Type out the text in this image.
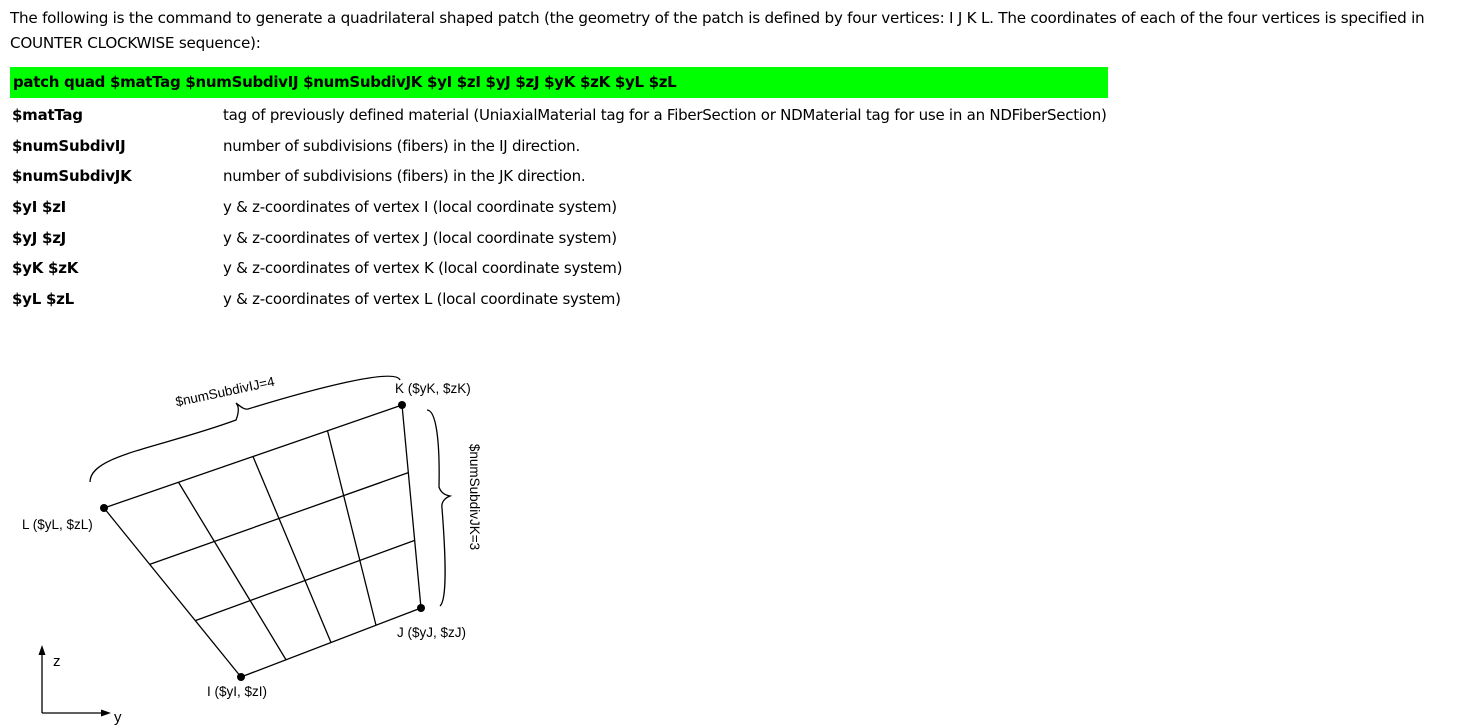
The following is the command to generate a quadrilateral shaped patch (the geometry of the patch is defined by four vertices: I J K L. The coordinates of each of the four vertices is specified in COUNTER CLOCKWISE sequence):

patch quad $matTag $numSubdivIJ $numSubdivJK $yI $zI $yJ $zJ $yK $zK $yL $zL
$matTag	tag of previously defined material (UniaxialMaterial tag for a FiberSection or NDMaterial tag for use in an NDFiberSection)
$numSubdivIJ	number of subdivisions (fibers) in the IJ direction.
$numSubdivJK	number of subdivisions (fibers) in the JK direction.
$yI $zI	y & z-coordinates of vertex I (local coordinate system)
$yJ $zJ	y & z-coordinates of vertex J (local coordinate system)
$yK $zK	y & z-coordinates of vertex K (local coordinate system)
$yL $zL	y & z-coordinates of vertex L (local coordinate system)
$numSubdivIJ=4
$numSubdivJK=3
K ($yK, $zK)
L ($yL, $zL)
J ($yJ, $zJ)
I ($yI, $zI)
z
y
